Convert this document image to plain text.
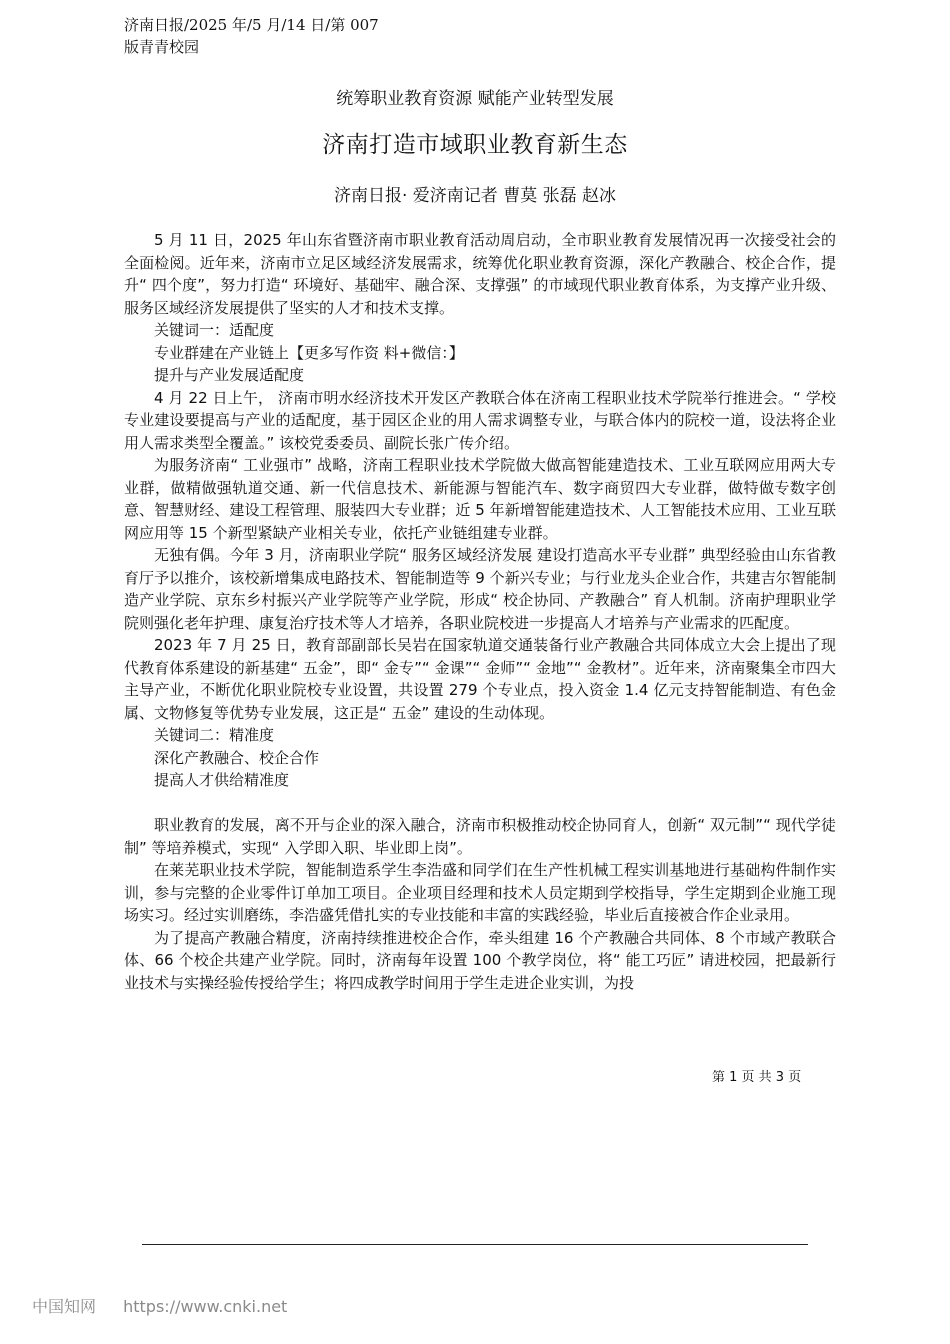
济南日报/2025 年/5 月/14 日/第 007
版青青校园
统筹职业教育资源 赋能产业转型发展
济南打造市域职业教育新生态
济南日报· 爱济南记者 曹莫 张磊 赵冰

5 月 11 日，2025 年山东省暨济南市职业教育活动周启动，全市职业教育发展情况再一次接受社会的全面检阅。近年来，济南市立足区域经济发展需求，统筹优化职业教育资源，深化产教融合、校企合作，提升“ 四个度”，努力打造“ 环境好、基础牢、融合深、支撑强” 的市域现代职业教育体系，为支撑产业升级、服务区域经济发展提供了坚实的人才和技术支撑。

关键词一：适配度

专业群建在产业链上【更多写作资 料+微信：】

提升与产业发展适配度

4 月 22 日上午， 济南市明水经济技术开发区产教联合体在济南工程职业技术学院举行推进会。“ 学校专业建设要提高与产业的适配度，基于园区企业的用人需求调整专业，与联合体内的院校一道，设法将企业用人需求类型全覆盖。” 该校党委委员、副院长张广传介绍。

为服务济南“ 工业强市” 战略，济南工程职业技术学院做大做高智能建造技术、工业互联网应用两大专业群，做精做强轨道交通、新一代信息技术、新能源与智能汽车、数字商贸四大专业群，做特做专数字创意、智慧财经、建设工程管理、服装四大专业群；近 5 年新增智能建造技术、人工智能技术应用、工业互联网应用等 15 个新型紧缺产业相关专业，依托产业链组建专业群。

无独有偶。今年 3 月，济南职业学院“ 服务区域经济发展 建设打造高水平专业群” 典型经验由山东省教育厅予以推介，该校新增集成电路技术、智能制造等 9 个新兴专业；与行业龙头企业合作，共建吉尔智能制造产业学院、京东乡村振兴产业学院等产业学院，形成“ 校企协同、产教融合” 育人机制。济南护理职业学院则强化老年护理、康复治疗技术等人才培养，各职业院校进一步提高人才培养与产业需求的匹配度。

2023 年 7 月 25 日，教育部副部长吴岩在国家轨道交通装备行业产教融合共同体成立大会上提出了现代教育体系建设的新基建“ 五金”，即“ 金专”“ 金课”“ 金师”“ 金地”“ 金教材”。近年来，济南聚集全市四大主导产业，不断优化职业院校专业设置，共设置 279 个专业点，投入资金 1.4 亿元支持智能制造、有色金属、文物修复等优势专业发展，这正是“ 五金” 建设的生动体现。

关键词二：精准度

深化产教融合、校企合作

提高人才供给精准度

职业教育的发展，离不开与企业的深入融合，济南市积极推动校企协同育人，创新“ 双元制”“ 现代学徒制” 等培养模式，实现“ 入学即入职、毕业即上岗”。

在莱芜职业技术学院，智能制造系学生李浩盛和同学们在生产性机械工程实训基地进行基础构件制作实训，参与完整的企业零件订单加工项目。企业项目经理和技术人员定期到学校指导，学生定期到企业施工现场实习。经过实训磨练，李浩盛凭借扎实的专业技能和丰富的实践经验，毕业后直接被合作企业录用。

为了提高产教融合精度，济南持续推进校企合作，牵头组建 16 个产教融合共同体、8 个市域产教联合体、66 个校企共建产业学院。同时，济南每年设置 100 个教学岗位，将“ 能工巧匠” 请进校园，把最新行业技术与实操经验传授给学生；将四成教学时间用于学生走进企业实训，为投

第 1 页 共 3 页
中国知网 https://www.cnki.net
